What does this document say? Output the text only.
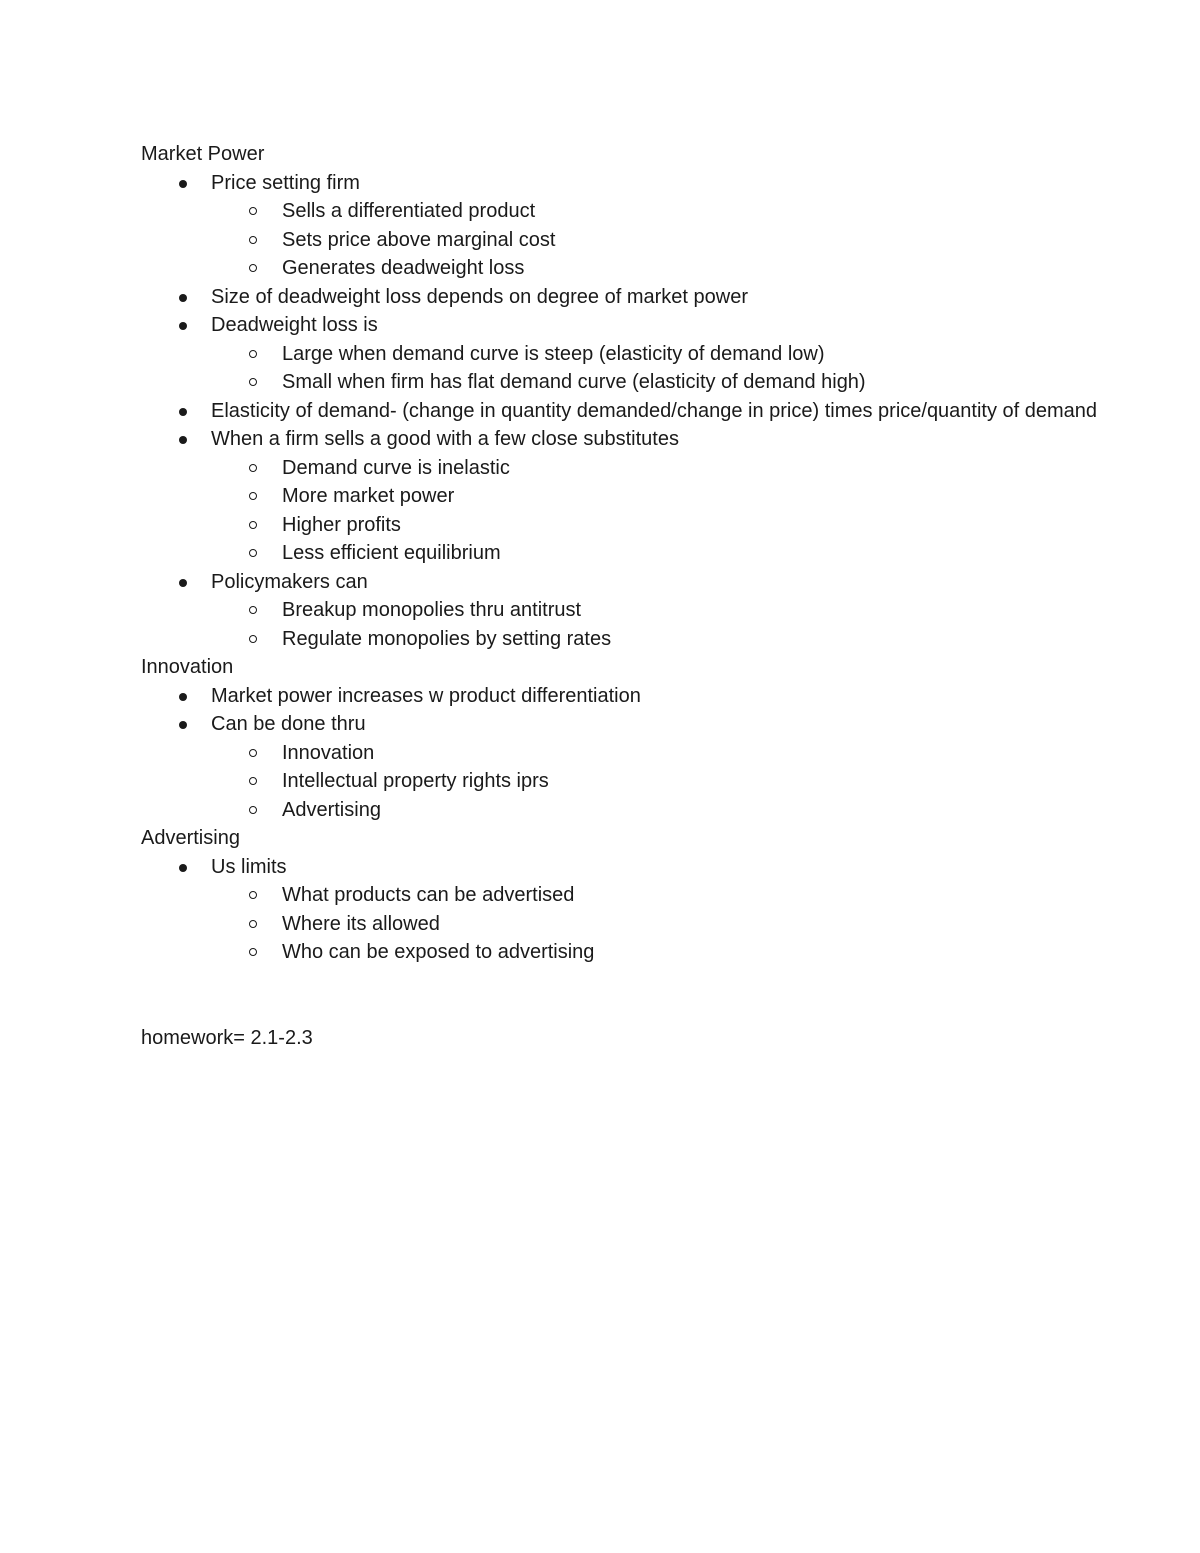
Market Power
Price setting firm
Sells a differentiated product
Sets price above marginal cost
Generates deadweight loss
Size of deadweight loss depends on degree of market power
Deadweight loss is
Large when demand curve is steep (elasticity of demand low)
Small when firm has flat demand curve (elasticity of demand high)
Elasticity of demand- (change in quantity demanded/change in price) times price/quantity of demand
When a firm sells a good with a few close substitutes
Demand curve is inelastic
More market power
Higher profits
Less efficient equilibrium
Policymakers can
Breakup monopolies thru antitrust
Regulate monopolies by setting rates
Innovation
Market power increases w product differentiation
Can be done thru
Innovation
Intellectual property rights iprs
Advertising
Advertising
Us limits
What products can be advertised
Where its allowed
Who can be exposed to advertising
homework= 2.1-2.3
